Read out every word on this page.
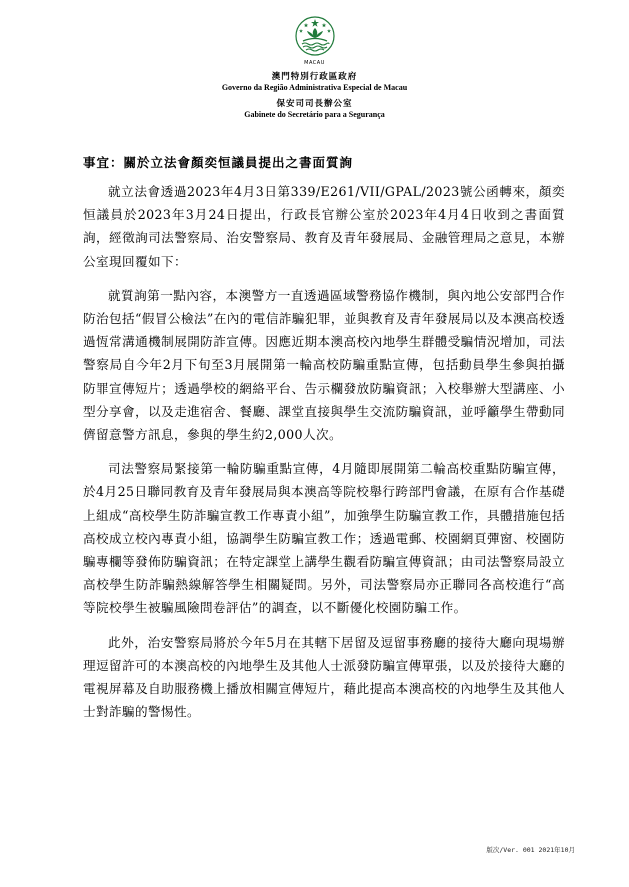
MACAU
澳門特別行政區政府
Governo da Região Administrativa Especial de Macau
保安司司長辦公室
Gabinete do Secretário para a Segurança
事宜：關於立法會顏奕恒議員提出之書面質詢

就立法會透過2023年4月3日第339/E261/VII/GPAL/2023號公函轉來，顏奕恒議員於2023年3月24日提出，行政長官辦公室於2023年4月4日收到之書面質詢，經徵詢司法警察局、治安警察局、教育及青年發展局、金融管理局之意見，本辦公室現回覆如下：

就質詢第一點內容，本澳警方一直透過區域警務協作機制，與內地公安部門合作防治包括“假冒公檢法”在內的電信詐騙犯罪，並與教育及青年發展局以及本澳高校透過恆常溝通機制展開防詐宣傳。因應近期本澳高校內地學生群體受騙情況增加，司法警察局自今年2月下旬至3月展開第一輪高校防騙重點宣傳，包括動員學生參與拍攝防罪宣傳短片；透過學校的網絡平台、告示欄發放防騙資訊；入校舉辦大型講座、小型分享會，以及走進宿舍、餐廳、課堂直接與學生交流防騙資訊，並呼籲學生帶動同儕留意警方訊息，參與的學生約2,000人次。

司法警察局緊接第一輪防騙重點宣傳，4月隨即展開第二輪高校重點防騙宣傳，於4月25日聯同教育及青年發展局與本澳高等院校舉行跨部門會議，在原有合作基礎上組成“高校學生防詐騙宣教工作專責小組”，加強學生防騙宣教工作，具體措施包括高校成立校內專責小組，協調學生防騙宣教工作；透過電郵、校園網頁彈窗、校園防騙專欄等發佈防騙資訊；在特定課堂上講學生觀看防騙宣傳資訊；由司法警察局設立高校學生防詐騙熱線解答學生相關疑問。另外，司法警察局亦正聯同各高校進行“高等院校學生被騙風險問卷評估”的調查，以不斷優化校園防騙工作。

此外，治安警察局將於今年5月在其轄下居留及逗留事務廳的接待大廳向現場辦理逗留許可的本澳高校的內地學生及其他人士派發防騙宣傳單張，以及於接待大廳的電視屏幕及自助服務機上播放相關宣傳短片，藉此提高本澳高校的內地學生及其他人士對詐騙的警惕性。

版次/Ver. 001 2021年10月
